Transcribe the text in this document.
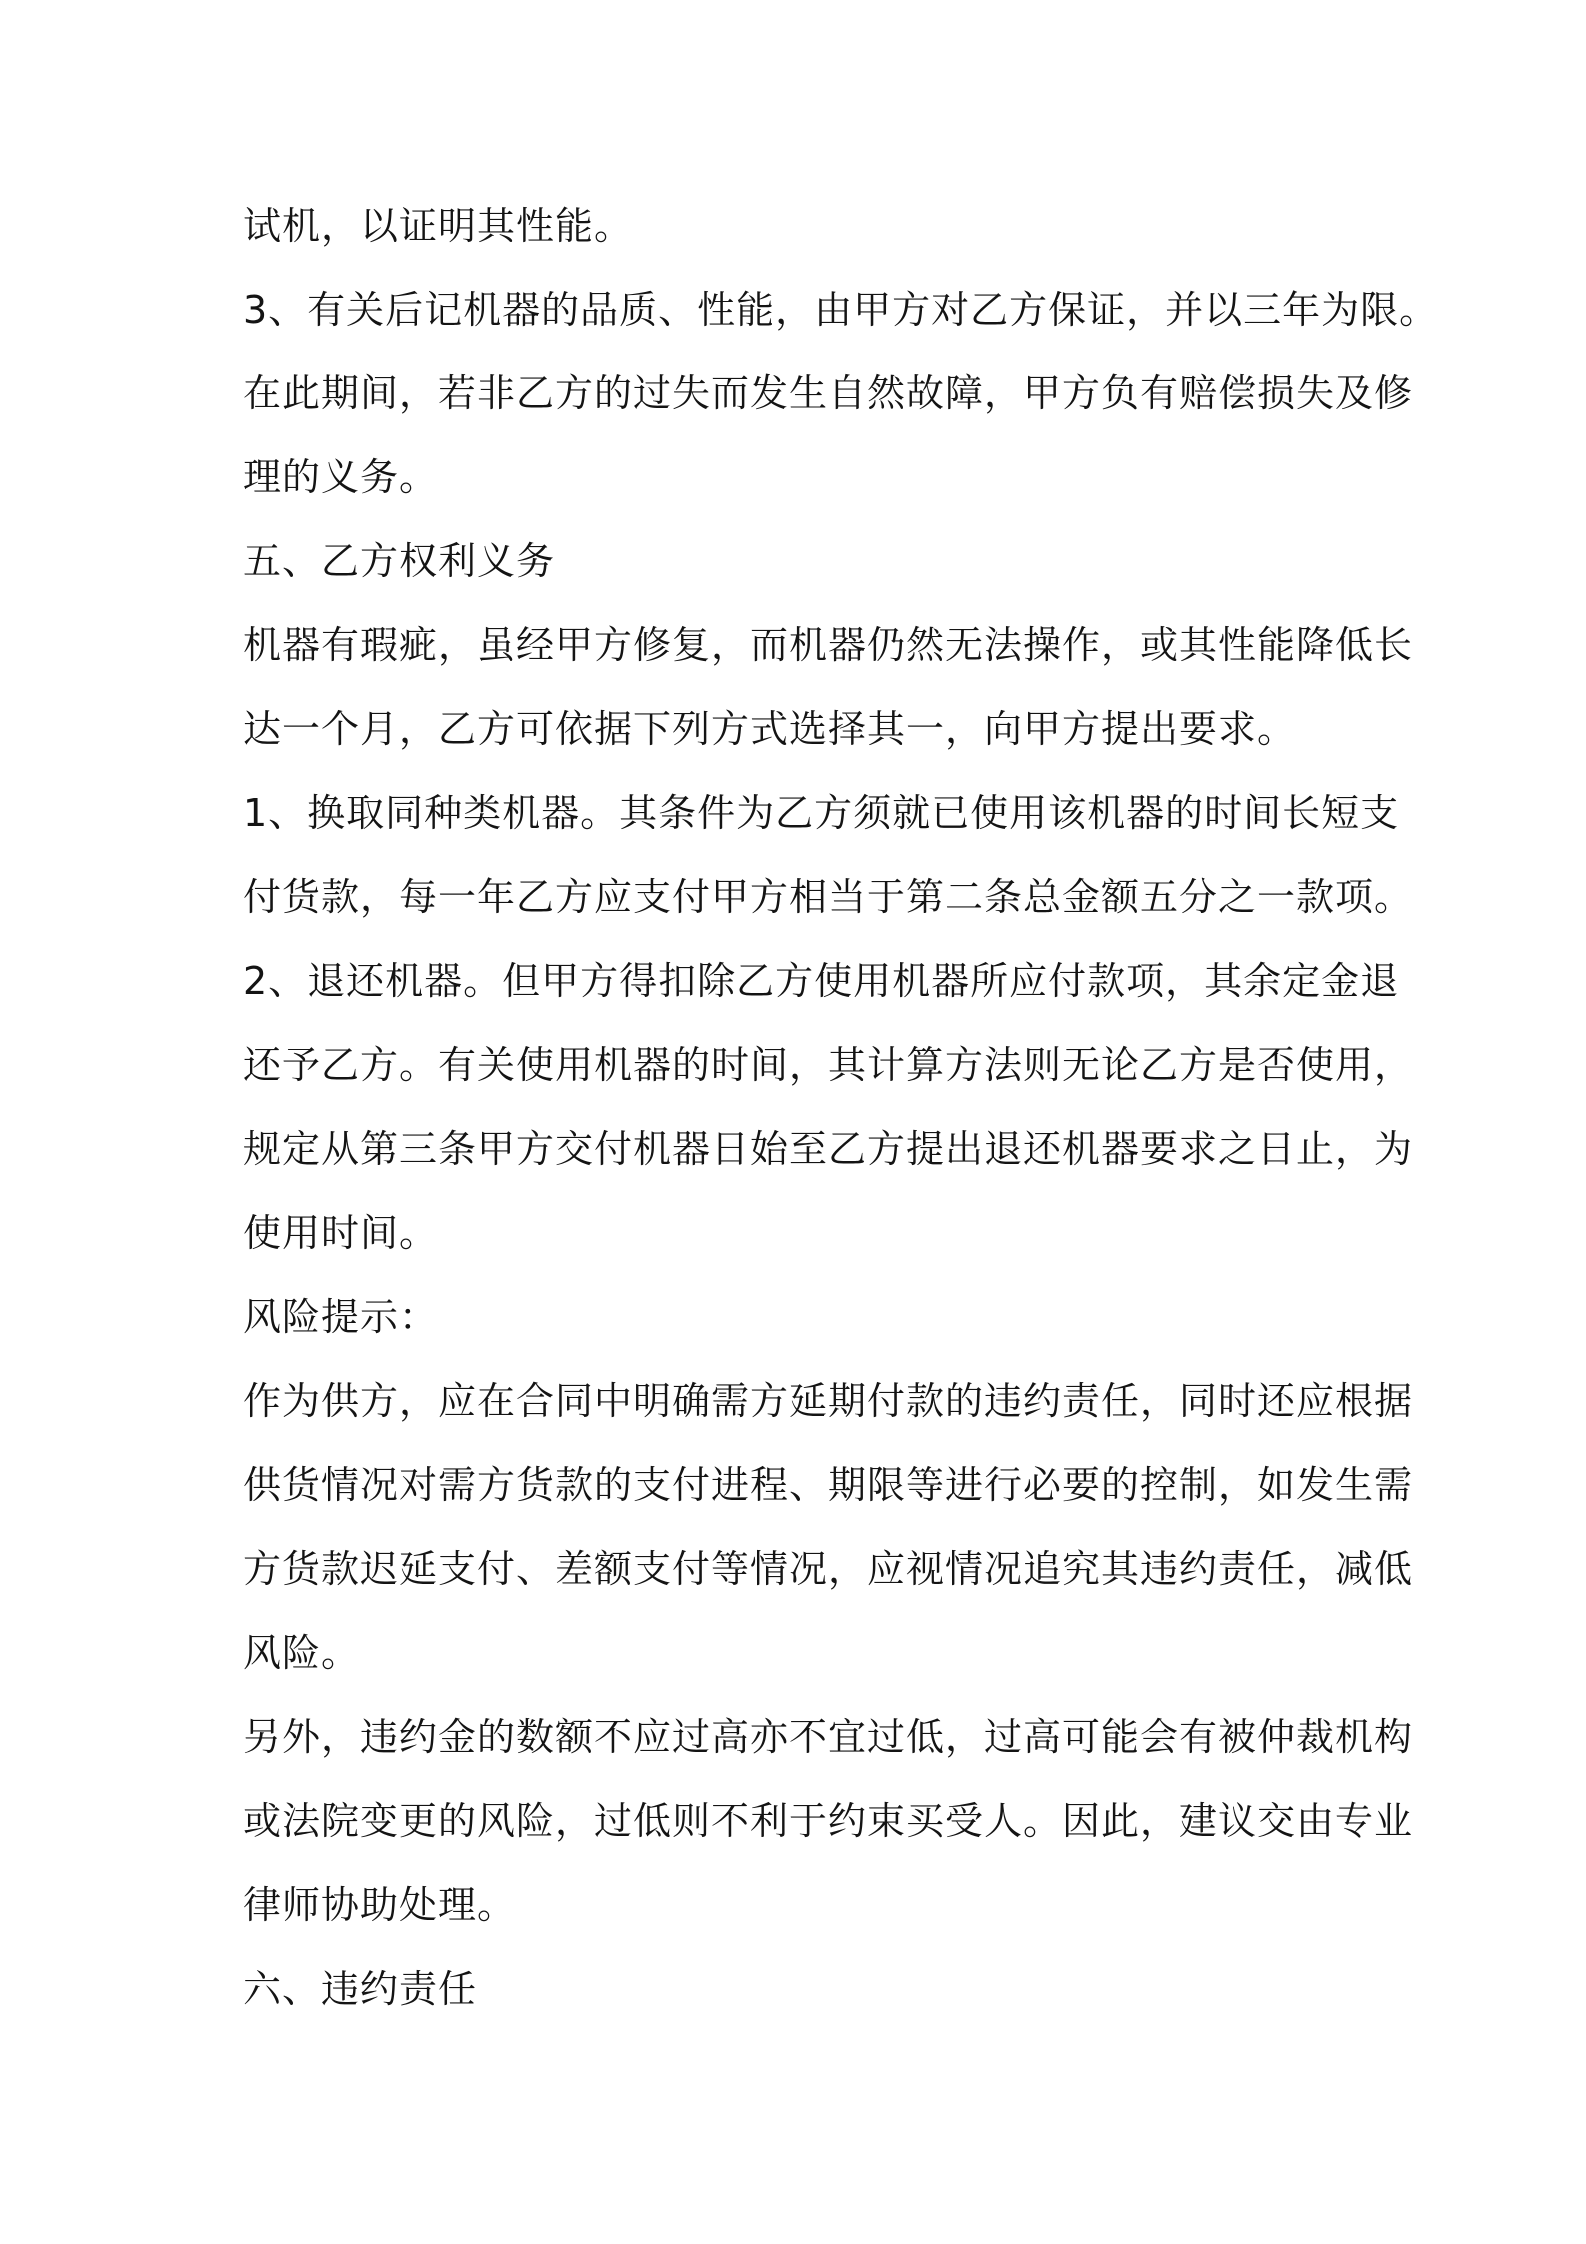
试机，以证明其性能。

3、有关后记机器的品质、性能，由甲方对乙方保证，并以三年为限。

在此期间，若非乙方的过失而发生自然故障，甲方负有赔偿损失及修

理的义务。

五、乙方权利义务

机器有瑕疵，虽经甲方修复，而机器仍然无法操作，或其性能降低长

达一个月，乙方可依据下列方式选择其一，向甲方提出要求。

1、换取同种类机器。其条件为乙方须就已使用该机器的时间长短支

付货款，每一年乙方应支付甲方相当于第二条总金额五分之一款项。

2、退还机器。但甲方得扣除乙方使用机器所应付款项，其余定金退

还予乙方。有关使用机器的时间，其计算方法则无论乙方是否使用，

规定从第三条甲方交付机器日始至乙方提出退还机器要求之日止，为

使用时间。

风险提示：

作为供方，应在合同中明确需方延期付款的违约责任，同时还应根据

供货情况对需方货款的支付进程、期限等进行必要的控制，如发生需

方货款迟延支付、差额支付等情况，应视情况追究其违约责任，减低

风险。

另外，违约金的数额不应过高亦不宜过低，过高可能会有被仲裁机构

或法院变更的风险，过低则不利于约束买受人。因此，建议交由专业

律师协助处理。

六、违约责任
